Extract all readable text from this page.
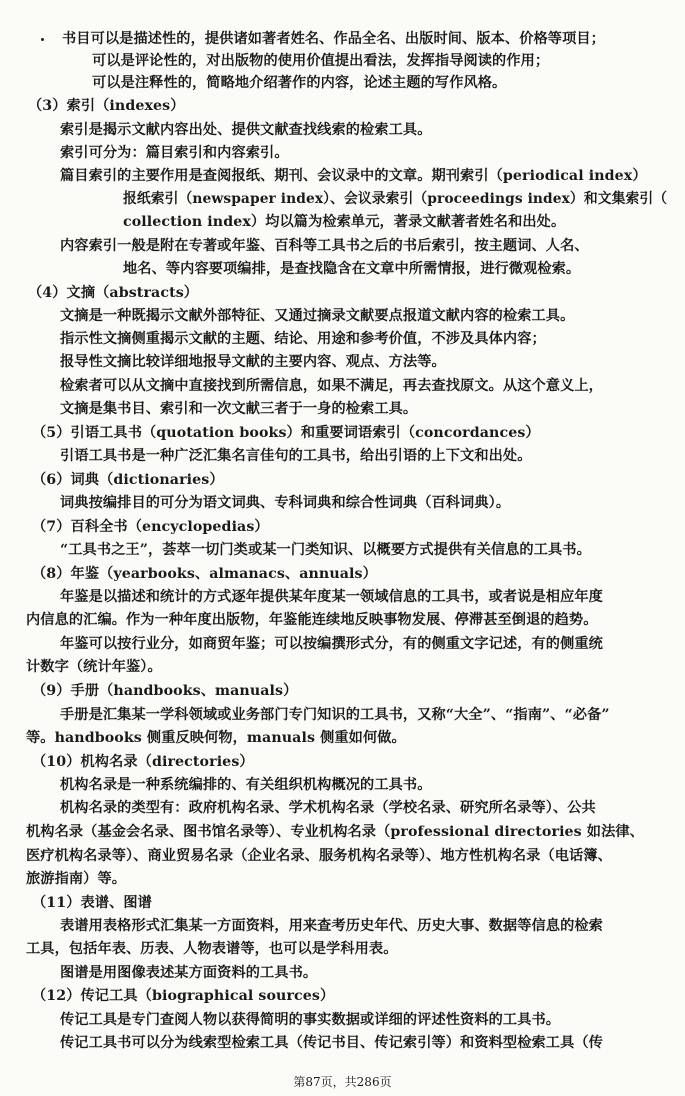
书目可以是描述性的，提供诸如著者姓名、作品全名、出版时间、版本、价格等项目；
可以是评论性的，对出版物的使用价值提出看法，发挥指导阅读的作用；
可以是注释性的，简略地介绍著作的内容，论述主题的写作风格。
（3）索引（indexes）
索引是揭示文献内容出处、提供文献查找线索的检索工具。
索引可分为：篇目索引和内容索引。
篇目索引的主要作用是查阅报纸、期刊、会议录中的文章。期刊索引（periodical index）
报纸索引（newspaper index）、会议录索引（proceedings index）和文集索引（
collection index）均以篇为检索单元，著录文献著者姓名和出处。
内容索引一般是附在专著或年鉴、百科等工具书之后的书后索引，按主题词、人名、
地名、等内容要项编排，是查找隐含在文章中所需情报，进行微观检索。
（4）文摘（abstracts）
文摘是一种既揭示文献外部特征、又通过摘录文献要点报道文献内容的检索工具。
指示性文摘侧重揭示文献的主题、结论、用途和参考价值，不涉及具体内容；
报导性文摘比较详细地报导文献的主要内容、观点、方法等。
检索者可以从文摘中直接找到所需信息，如果不满足，再去查找原文。从这个意义上，
文摘是集书目、索引和一次文献三者于一身的检索工具。
（5）引语工具书（quotation books）和重要词语索引（concordances）
引语工具书是一种广泛汇集名言佳句的工具书，给出引语的上下文和出处。
（6）词典（dictionaries）
词典按编排目的可分为语文词典、专科词典和综合性词典（百科词典）。
（7）百科全书（encyclopedias）
“工具书之王”，荟萃一切门类或某一门类知识、以概要方式提供有关信息的工具书。
（8）年鉴（yearbooks、almanacs、annuals）
年鉴是以描述和统计的方式逐年提供某年度某一领域信息的工具书，或者说是相应年度
内信息的汇编。作为一种年度出版物，年鉴能连续地反映事物发展、停滞甚至倒退的趋势。
年鉴可以按行业分，如商贸年鉴；可以按编撰形式分，有的侧重文字记述，有的侧重统
计数字（统计年鉴）。
（9）手册（handbooks、manuals）
手册是汇集某一学科领域或业务部门专门知识的工具书，又称“大全”、“指南”、“必备”
等。handbooks 侧重反映何物，manuals 侧重如何做。
（10）机构名录（directories）
机构名录是一种系统编排的、有关组织机构概况的工具书。
机构名录的类型有：政府机构名录、学术机构名录（学校名录、研究所名录等）、公共
机构名录（基金会名录、图书馆名录等）、专业机构名录（professional directories 如法律、
医疗机构名录等）、商业贸易名录（企业名录、服务机构名录等）、地方性机构名录（电话簿、
旅游指南）等。
（11）表谱、图谱
表谱用表格形式汇集某一方面资料，用来查考历史年代、历史大事、数据等信息的检索
工具，包括年表、历表、人物表谱等，也可以是学科用表。
图谱是用图像表述某方面资料的工具书。
（12）传记工具（biographical sources）
传记工具是专门查阅人物以获得简明的事实数据或详细的评述性资料的工具书。
传记工具书可以分为线索型检索工具（传记书目、传记索引等）和资料型检索工具（传
第87页，共286页
